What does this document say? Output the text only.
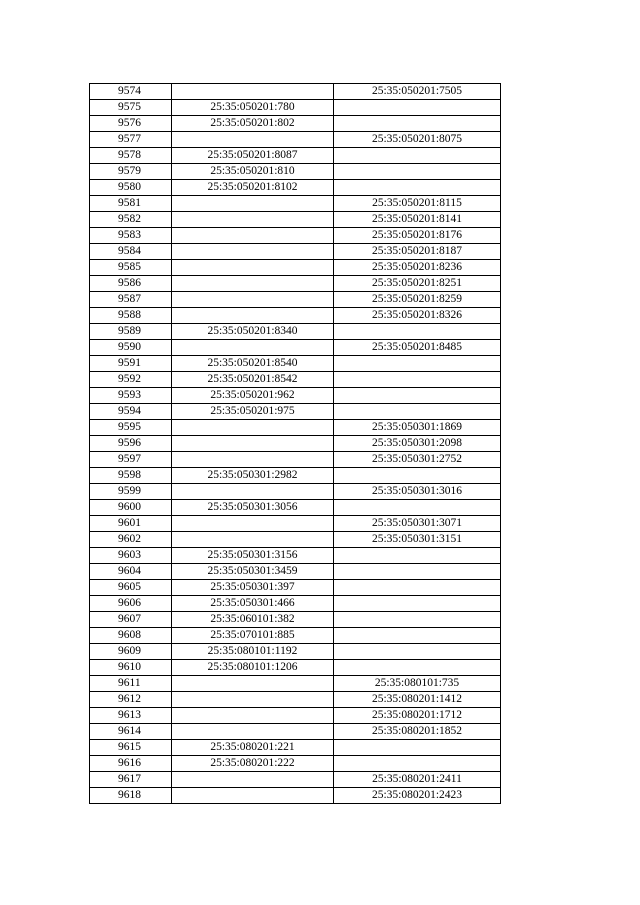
9574		25:35:050201:7505
9575	25:35:050201:780	
9576	25:35:050201:802	
9577		25:35:050201:8075
9578	25:35:050201:8087	
9579	25:35:050201:810	
9580	25:35:050201:8102	
9581		25:35:050201:8115
9582		25:35:050201:8141
9583		25:35:050201:8176
9584		25:35:050201:8187
9585		25:35:050201:8236
9586		25:35:050201:8251
9587		25:35:050201:8259
9588		25:35:050201:8326
9589	25:35:050201:8340	
9590		25:35:050201:8485
9591	25:35:050201:8540	
9592	25:35:050201:8542	
9593	25:35:050201:962	
9594	25:35:050201:975	
9595		25:35:050301:1869
9596		25:35:050301:2098
9597		25:35:050301:2752
9598	25:35:050301:2982	
9599		25:35:050301:3016
9600	25:35:050301:3056	
9601		25:35:050301:3071
9602		25:35:050301:3151
9603	25:35:050301:3156	
9604	25:35:050301:3459	
9605	25:35:050301:397	
9606	25:35:050301:466	
9607	25:35:060101:382	
9608	25:35:070101:885	
9609	25:35:080101:1192	
9610	25:35:080101:1206	
9611		25:35:080101:735
9612		25:35:080201:1412
9613		25:35:080201:1712
9614		25:35:080201:1852
9615	25:35:080201:221	
9616	25:35:080201:222	
9617		25:35:080201:2411
9618		25:35:080201:2423
